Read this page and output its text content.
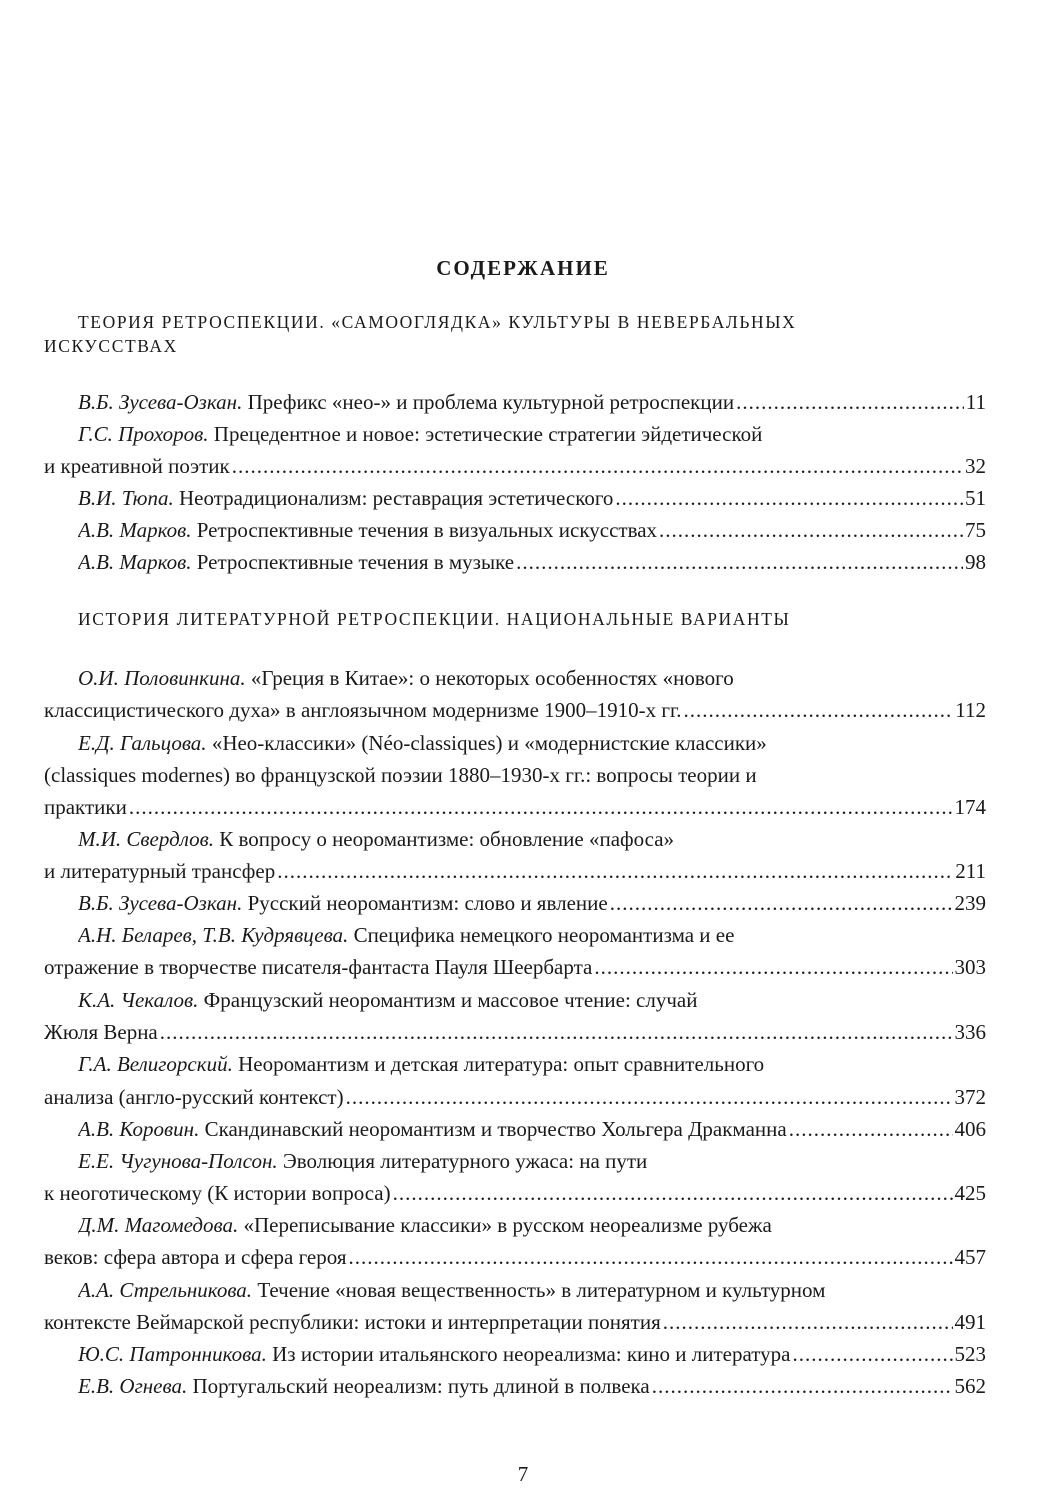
СОДЕРЖАНИЕ
ТЕОРИЯ РЕТРОСПЕКЦИИ. «САМООГЛЯДКА» КУЛЬТУРЫ В НЕВЕРБАЛЬНЫХ
ИСКУССТВАХ
В.Б. Зусева-Озкан. Префикс «нео-» и проблема культурной ретроспекции .....	11
Г.С. Прохоров. Прецедентное и новое: эстетические стратегии эйдетической
и креативной поэтик .....	32
В.И. Тюпа. Неотрадиционализм: реставрация эстетического .....	51
А.В. Марков. Ретроспективные течения в визуальных искусствах .....	75
А.В. Марков. Ретроспективные течения в музыке .....	98
ИСТОРИЯ ЛИТЕРАТУРНОЙ РЕТРОСПЕКЦИИ. НАЦИОНАЛЬНЫЕ ВАРИАНТЫ
О.И. Половинкина. «Греция в Китае»: о некоторых особенностях «нового
классицистического духа» в англоязычном модернизме 1900–1910-х гг. .....	112
Е.Д. Гальцова. «Нео-классики» (Néo-classiques) и «модернистские классики»
(classiques modernes) во французской поэзии 1880–1930-х гг.: вопросы теории и
практики .....	174
М.И. Свердлов. К вопросу о неоромантизме: обновление «пафоса»
и литературный трансфер .....	211
В.Б. Зусева-Озкан. Русский неоромантизм: слово и явление .....	239
А.Н. Беларев, Т.В. Кудрявцева. Специфика немецкого неоромантизма и ее
отражение в творчестве писателя-фантаста Пауля Шеербарта .....	303
К.А. Чекалов. Французский неоромантизм и массовое чтение: случай
Жюля Верна .....	336
Г.А. Велигорский. Неоромантизм и детская литература: опыт сравнительного
анализа (англо-русский контекст) .....	372
А.В. Коровин. Скандинавский неоромантизм и творчество Хольгера Дракманна .....	406
Е.Е. Чугунова-Полсон. Эволюция литературного ужаса: на пути
к неоготическому (К истории вопроса) .....	425
Д.М. Магомедова. «Переписывание классики» в русском неореализме рубежа
веков: сфера автора и сфера героя .....	457
А.А. Стрельникова. Течение «новая вещественность» в литературном и культурном
контексте Веймарской республики: истоки и интерпретации понятия .....	491
Ю.С. Патронникова. Из истории итальянского неореализма: кино и литература .....	523
Е.В. Огнева. Португальский неореализм: путь длиной в полвека .....	562
7
